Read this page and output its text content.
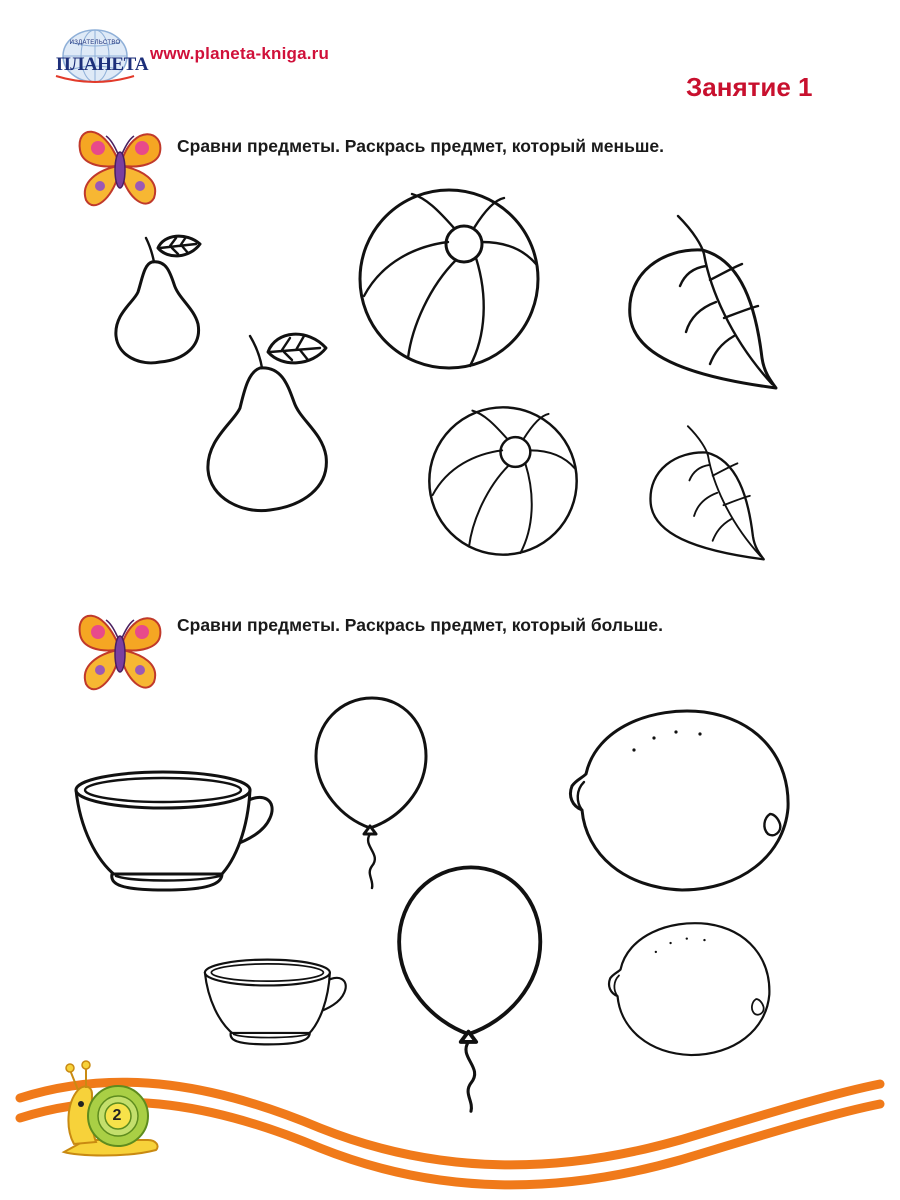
ИЗДАТЕЛЬСТВО
ПЛАНЕТА
www.planeta-kniga.ru
Занятие 1
Сравни предметы. Раскрась предмет, который меньше.
Сравни предметы. Раскрась предмет, который больше.
2
